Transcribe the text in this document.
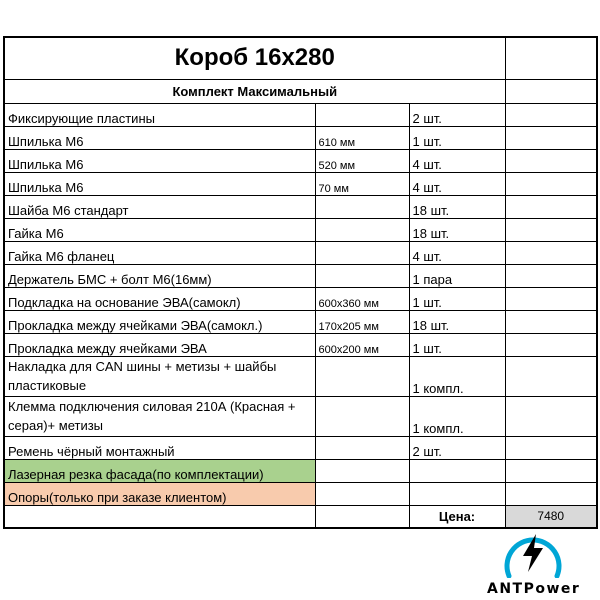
Короб 16х280			
Комплект Максимальный			
Фиксирующие пластины		2 шт.	
Шпилька М6	610 мм	1 шт.	
Шпилька М6	520 мм	4 шт.	
Шпилька М6	70 мм	4 шт.	
Шайба М6 стандарт		18 шт.	
Гайка М6		18 шт.	
Гайка М6 фланец		4 шт.	
Держатель БМС + болт М6(16мм)		1 пара	
Подкладка на основание ЭВА(самокл)	600х360 мм	1 шт.	
Прокладка между ячейками ЭВА(самокл.)	170х205 мм	18 шт.	
Прокладка между ячейками ЭВА	600х200 мм	1 шт.	
Накладка для CAN шины + метизы + шайбы пластиковые		1 компл.	
Клемма подключения силовая 210А (Красная + серая)+ метизы		1 компл.	
Ремень чёрный монтажный		2 шт.	
Лазерная резка фасада(по комплектации)			
Опоры(только при заказе клиентом)			
		Цена:	7480
ANTPower
